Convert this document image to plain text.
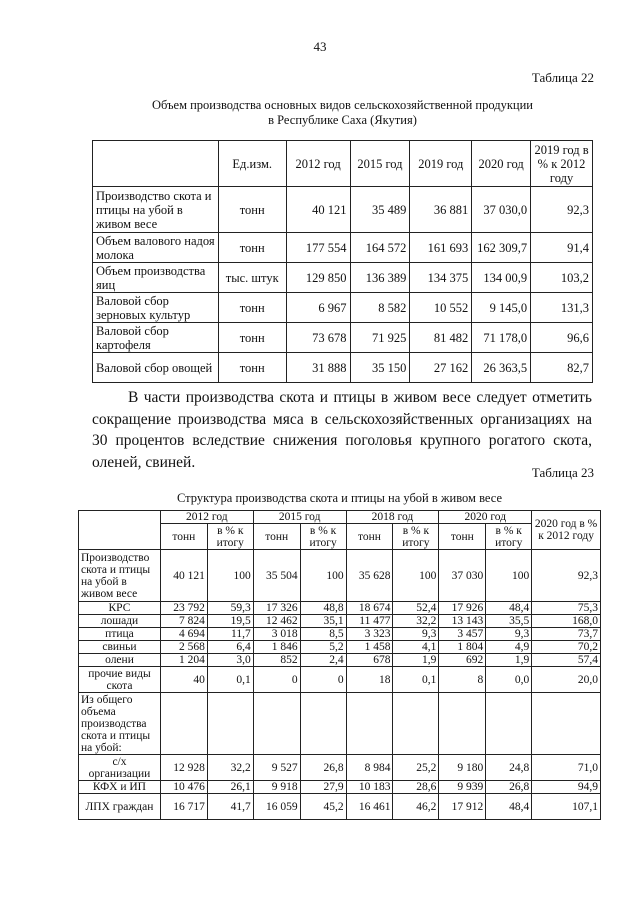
43
Таблица 22
Объем производства основных видов сельскохозяйственной продукции
в Республике Саха (Якутия)
	Ед.изм.	2012 год	2015 год	2019 год	2020 год	2019 год в % к 2012 году
Производство скота и птицы на убой в живом весе	тонн	40 121	35 489	36 881	37 030,0	92,3
Объем валового надоя молока	тонн	177 554	164 572	161 693	162 309,7	91,4
Объем производства яиц	тыс. штук	129 850	136 389	134 375	134 00,9	103,2
Валовой сбор зерновых культур	тонн	6 967	8 582	10 552	9 145,0	131,3
Валовой сбор картофеля	тонн	73 678	71 925	81 482	71 178,0	96,6
Валовой сбор овощей	тонн	31 888	35 150	27 162	26 363,5	82,7
В части производства скота и птицы в живом весе следует отметить сокращение производства мяса в сельскохозяйственных организациях на 30 процентов вследствие снижения поголовья крупного рогатого скота, оленей, свиней.
Таблица 23
Структура производства скота и птицы на убой в живом весе
	2012 год		2015 год		2018 год		2020 год		2020 год в % к 2012 году
	тонн	в % к итогу	тонн	в % к итогу	тонн	в % к итогу	тонн	в % к итогу	
Производство скота и птицы на убой в живом весе	40 121	100	35 504	100	35 628	100	37 030	100	92,3
КРС	23 792	59,3	17 326	48,8	18 674	52,4	17 926	48,4	75,3
лошади	7 824	19,5	12 462	35,1	11 477	32,2	13 143	35,5	168,0
птица	4 694	11,7	3 018	8,5	3 323	9,3	3 457	9,3	73,7
свиньи	2 568	6,4	1 846	5,2	1 458	4,1	1 804	4,9	70,2
олени	1 204	3,0	852	2,4	678	1,9	692	1,9	57,4
прочие виды скота	40	0,1	0	0	18	0,1	8	0,0	20,0
Из общего объема производства скота и птицы на убой:									
с/х организации	12 928	32,2	9 527	26,8	8 984	25,2	9 180	24,8	71,0
КФХ и ИП	10 476	26,1	9 918	27,9	10 183	28,6	9 939	26,8	94,9
ЛПХ граждан	16 717	41,7	16 059	45,2	16 461	46,2	17 912	48,4	107,1
